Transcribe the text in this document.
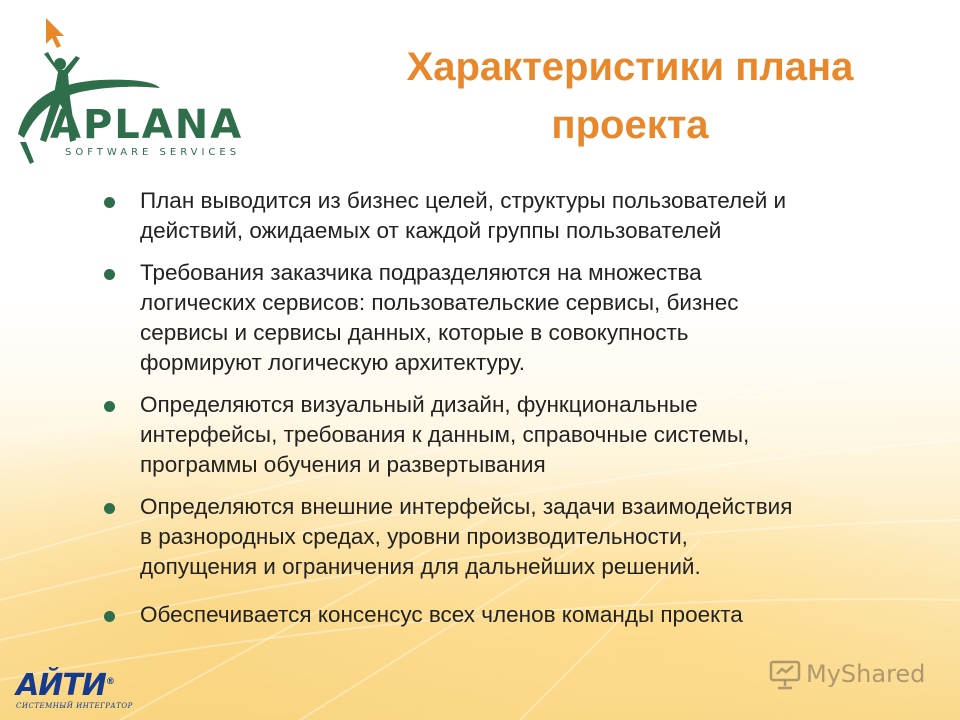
APLANA
SOFTWARE SERVICES
Характеристики плана
проекта
План выводится из бизнес целей, структуры пользователей и
действий, ожидаемых от каждой группы пользователей
Требования заказчика подразделяются на множества
логических сервисов: пользовательские сервисы, бизнес
сервисы и сервисы данных, которые в совокупность
формируют логическую архитектуру.
Определяются визуальный дизайн, функциональные
интерфейсы, требования к данным, справочные системы,
программы обучения и развертывания
Определяются внешние интерфейсы, задачи взаимодействия
в разнородных средах, уровни производительности,
допущения и ограничения для дальнейших решений.
Обеспечивается консенсус всех членов команды проекта
АЙТИ®
СИСТЕМНЫЙ ИНТЕГРАТОР
MyShared
